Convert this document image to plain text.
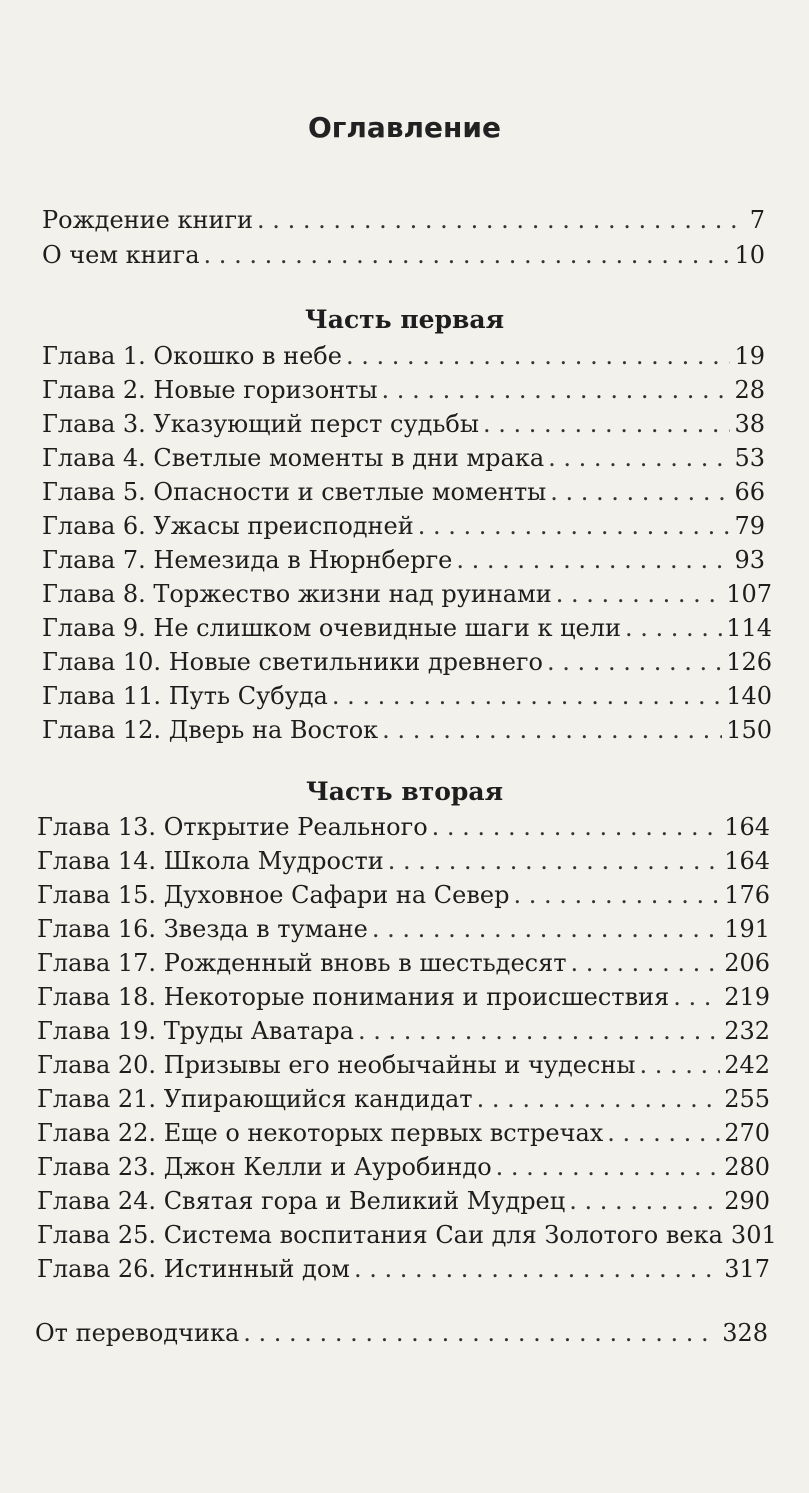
Оглавление
Рождение книги . . .	7
О чем книга . . .	10
Часть первая
Глава 1. Окошко в небе . . .	19
Глава 2. Новые горизонты . . .	28
Глава 3. Указующий перст судьбы . . .	38
Глава 4. Светлые моменты в дни мрака . . .	53
Глава 5. Опасности и светлые моменты . . .	66
Глава 6. Ужасы преисподней . . .	79
Глава 7. Немезида в Нюрнберге . . .	93
Глава 8. Торжество жизни над руинами . . .	107
Глава 9. Не слишком очевидные шаги к цели . . .	114
Глава 10. Новые светильники древнего . . .	126
Глава 11. Путь Субуда . . .	140
Глава 12. Дверь на Восток . . .	150
Часть вторая
Глава 13. Открытие Реального . . .	164
Глава 14. Школа Мудрости . . .	164
Глава 15. Духовное Сафари на Север . . .	176
Глава 16. Звезда в тумане . . .	191
Глава 17. Рожденный вновь в шестьдесят . . .	206
Глава 18. Некоторые понимания и происшествия . . . 219
Глава 19. Труды Аватара . . .	232
Глава 20. Призывы его необычайны и чудесны . . .	242
Глава 21. Упирающийся кандидат . . .	255
Глава 22. Еще о некоторых первых встречах . . .	270
Глава 23. Джон Келли и Ауробиндо . . .	280
Глава 24. Святая гора и Великий Мудрец . . .	290
Глава 25. Система воспитания Саи для Золотого века 301
Глава 26. Истинный дом . . .	317
От переводчика . . .	328
